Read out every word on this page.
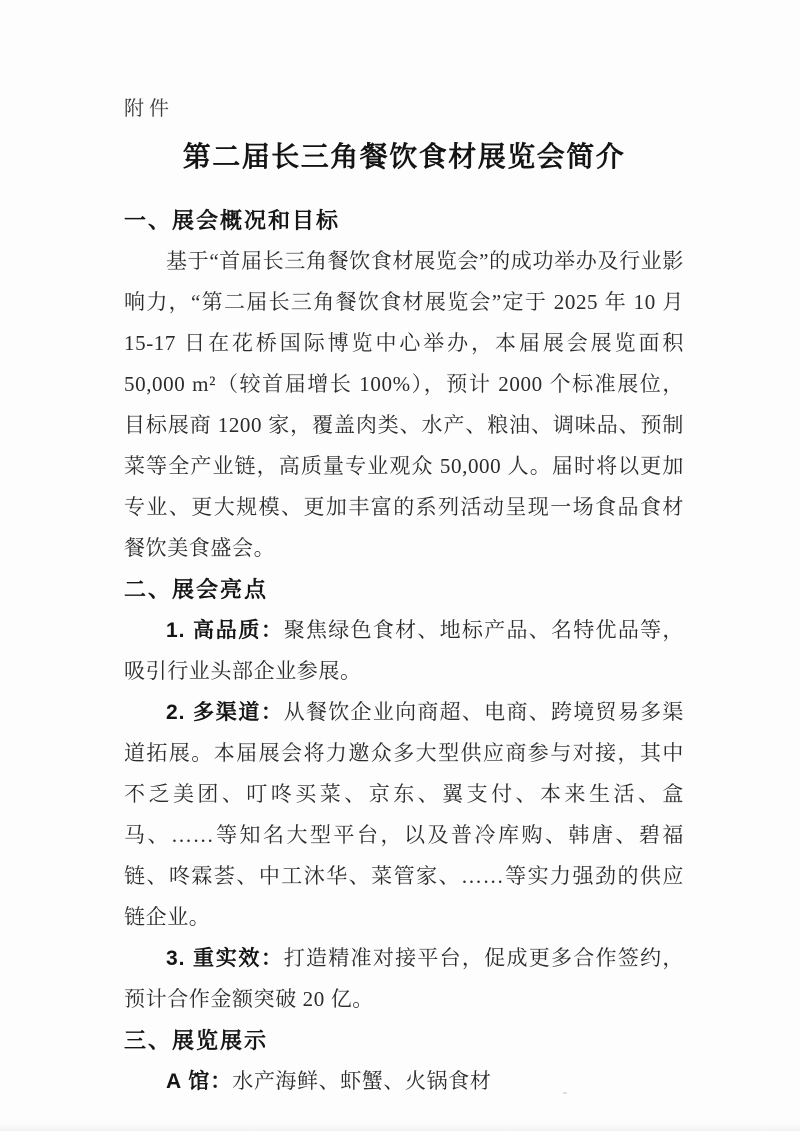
附件
第二届长三角餐饮食材展览会简介
一、展会概况和目标

基于“首届长三角餐饮食材展览会”的成功举办及行业影响力，“第二届长三角餐饮食材展览会”定于 2025 年 10 月 15-17 日在花桥国际博览中心举办，本届展会展览面积 50,000 m²（较首届增长 100%），预计 2000 个标准展位，目标展商 1200 家，覆盖肉类、水产、粮油、调味品、预制菜等全产业链，高质量专业观众 50,000 人。届时将以更加专业、更大规模、更加丰富的系列活动呈现一场食品食材餐饮美食盛会。

二、展会亮点

1. 高品质：聚焦绿色食材、地标产品、名特优品等，吸引行业头部企业参展。

2. 多渠道：从餐饮企业向商超、电商、跨境贸易多渠道拓展。本届展会将力邀众多大型供应商参与对接，其中不乏美团、叮咚买菜、京东、翼支付、本来生活、盒马、……等知名大型平台，以及普冷库购、韩唐、碧福链、咚霖荟、中工沐华、菜管家、……等实力强劲的供应链企业。

3. 重实效：打造精准对接平台，促成更多合作签约，预计合作金额突破 20 亿。

三、展览展示

A 馆：水产海鲜、虾蟹、火锅食材
